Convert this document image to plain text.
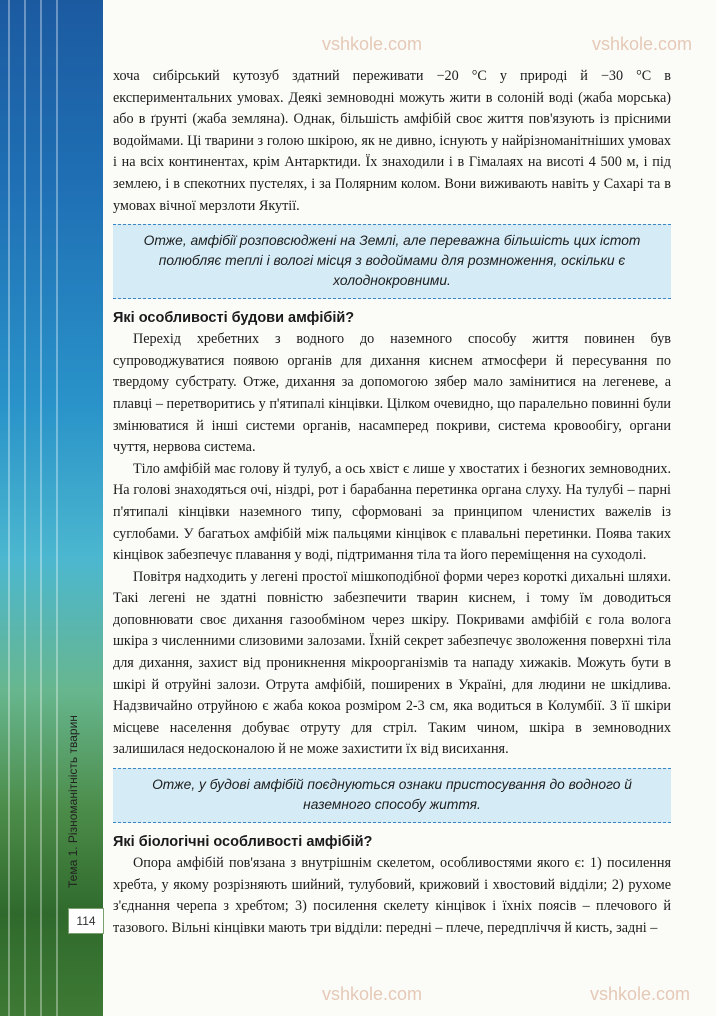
Тема 1. Різноманітність тварин
114
vshkole.com	vshkole.com
vshkole.com	vshkole.com

хоча сибірський кутозуб здатний переживати −20 °С у природі й −30 °С в експериментальних умовах. Деякі земноводні можуть жити в солоній воді (жаба морська) або в ґрунті (жаба земляна). Однак, більшість амфібій своє життя пов'язують із прісними водоймами. Ці тварини з голою шкірою, як не дивно, існують у найрізноманітніших умовах і на всіх континентах, крім Антарктиди. Їх знаходили і в Гімалаях на висоті 4 500 м, і під землею, і в спекотних пустелях, і за Полярним колом. Вони виживають навіть у Сахарі та в умовах вічної мерзлоти Якутії.

Отже, амфібії розповсюджені на Землі, але переважна більшість цих істот полюбляє теплі і вологі місця з водоймами для розмноження, оскільки є холоднокровними.
Які особливості будови амфібій?

Перехід хребетних з водного до наземного способу життя повинен був супроводжуватися появою органів для дихання киснем атмосфери й пересування по твердому субстрату. Отже, дихання за допомогою зябер мало замінитися на легеневе, а плавці – перетворитись у п'ятипалі кінцівки. Цілком очевидно, що паралельно повинні були змінюватися й інші системи органів, насамперед покриви, система кровообігу, органи чуття, нервова система.

Тіло амфібій має голову й тулуб, а ось хвіст є лише у хвостатих і безногих земноводних. На голові знаходяться очі, ніздрі, рот і барабанна перетинка органа слуху. На тулубі – парні п'ятипалі кінцівки наземного типу, сформовані за принципом членистих важелів із суглобами. У багатьох амфібій між пальцями кінцівок є плавальні перетинки. Поява таких кінцівок забезпечує плавання у воді, підтримання тіла та його переміщення на суходолі.

Повітря надходить у легені простої мішкоподібної форми через короткі дихальні шляхи. Такі легені не здатні повністю забезпечити тварин киснем, і тому їм доводиться доповнювати своє дихання газообміном через шкіру. Покривами амфібій є гола волога шкіра з численними слизовими залозами. Їхній секрет забезпечує зволоження поверхні тіла для дихання, захист від проникнення мікроорганізмів та нападу хижаків. Можуть бути в шкірі й отруйні залози. Отрута амфібій, поширених в Україні, для людини не шкідлива. Надзвичайно отруйною є жаба кокоа розміром 2-3 см, яка водиться в Колумбії. З її шкіри місцеве населення добуває отруту для стріл. Таким чином, шкіра в земноводних залишилася недосконалою й не може захистити їх від висихання.

Отже, у будові амфібій поєднуються ознаки пристосування до водного й наземного способу життя.
Які біологічні особливості амфібій?

Опора амфібій пов'язана з внутрішнім скелетом, особливостями якого є: 1) посилення хребта, у якому розрізняють шийний, тулубовий, крижовий і хвостовий відділи; 2) рухоме з'єднання черепа з хребтом; 3) посилення скелету кінцівок і їхніх поясів – плечового й тазового. Вільні кінцівки мають три відділи: передні – плече, передпліччя й кисть, задні –
